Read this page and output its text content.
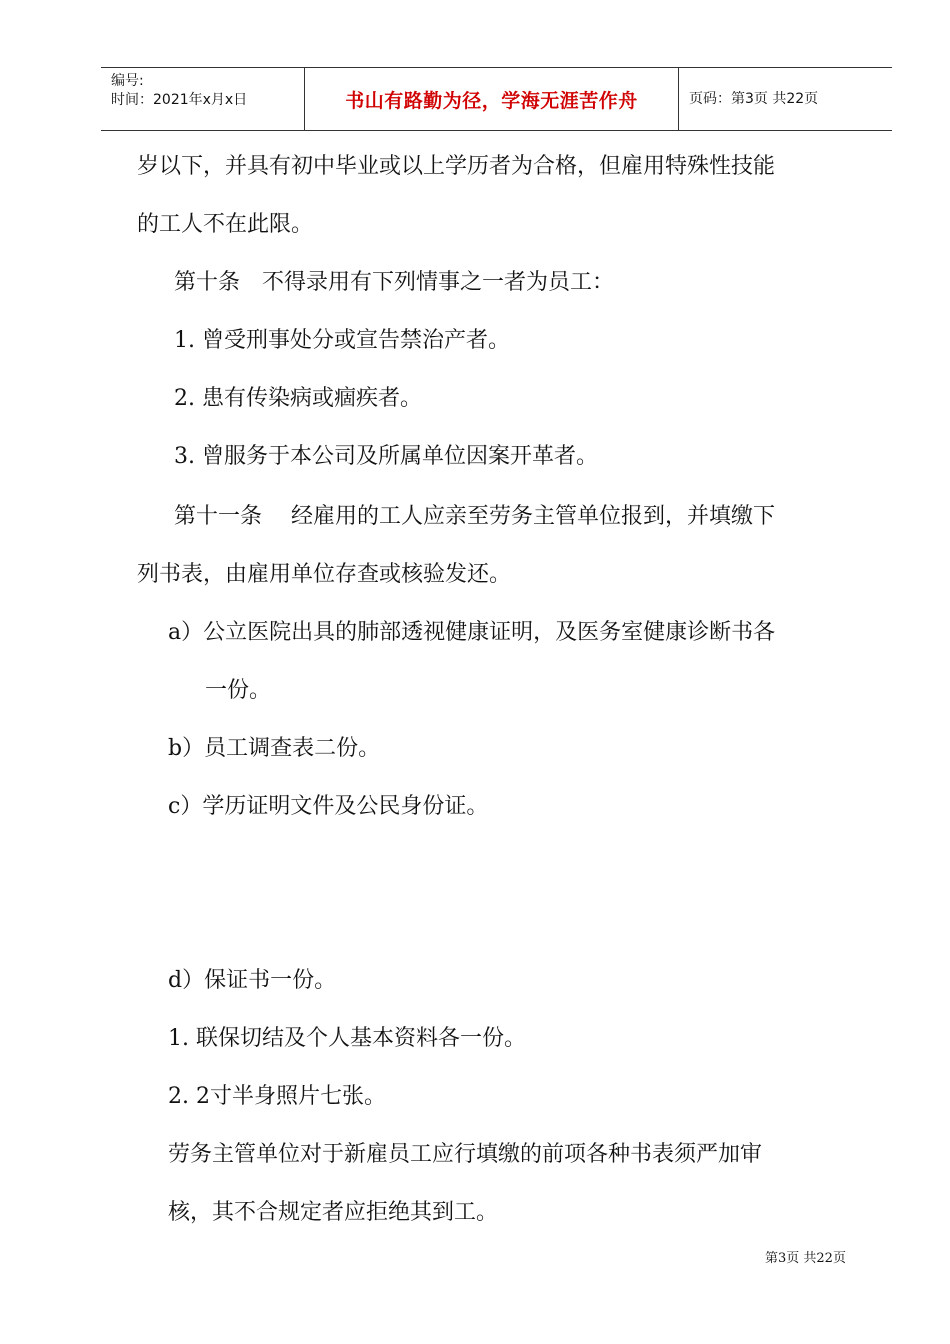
编号:
时间：2021年x月x日	书山有路勤为径，学海无涯苦作舟	页码：第3页 共22页
岁以下，并具有初中毕业或以上学历者为合格，但雇用特殊性技能
的工人不在此限。
第十条　不得录用有下列情事之一者为员工：
1. 曾受刑事处分或宣告禁治产者。
2. 患有传染病或痼疾者。
3. 曾服务于本公司及所属单位因案开革者。
第十一条　 经雇用的工人应亲至劳务主管单位报到，并填缴下
列书表，由雇用单位存查或核验发还。
a）公立医院出具的肺部透视健康证明，及医务室健康诊断书各
一份。
b）员工调查表二份。
c）学历证明文件及公民身份证。
d）保证书一份。
1. 联保切结及个人基本资料各一份。
2. 2寸半身照片七张。
劳务主管单位对于新雇员工应行填缴的前项各种书表须严加审
核，其不合规定者应拒绝其到工。
第3页 共22页
